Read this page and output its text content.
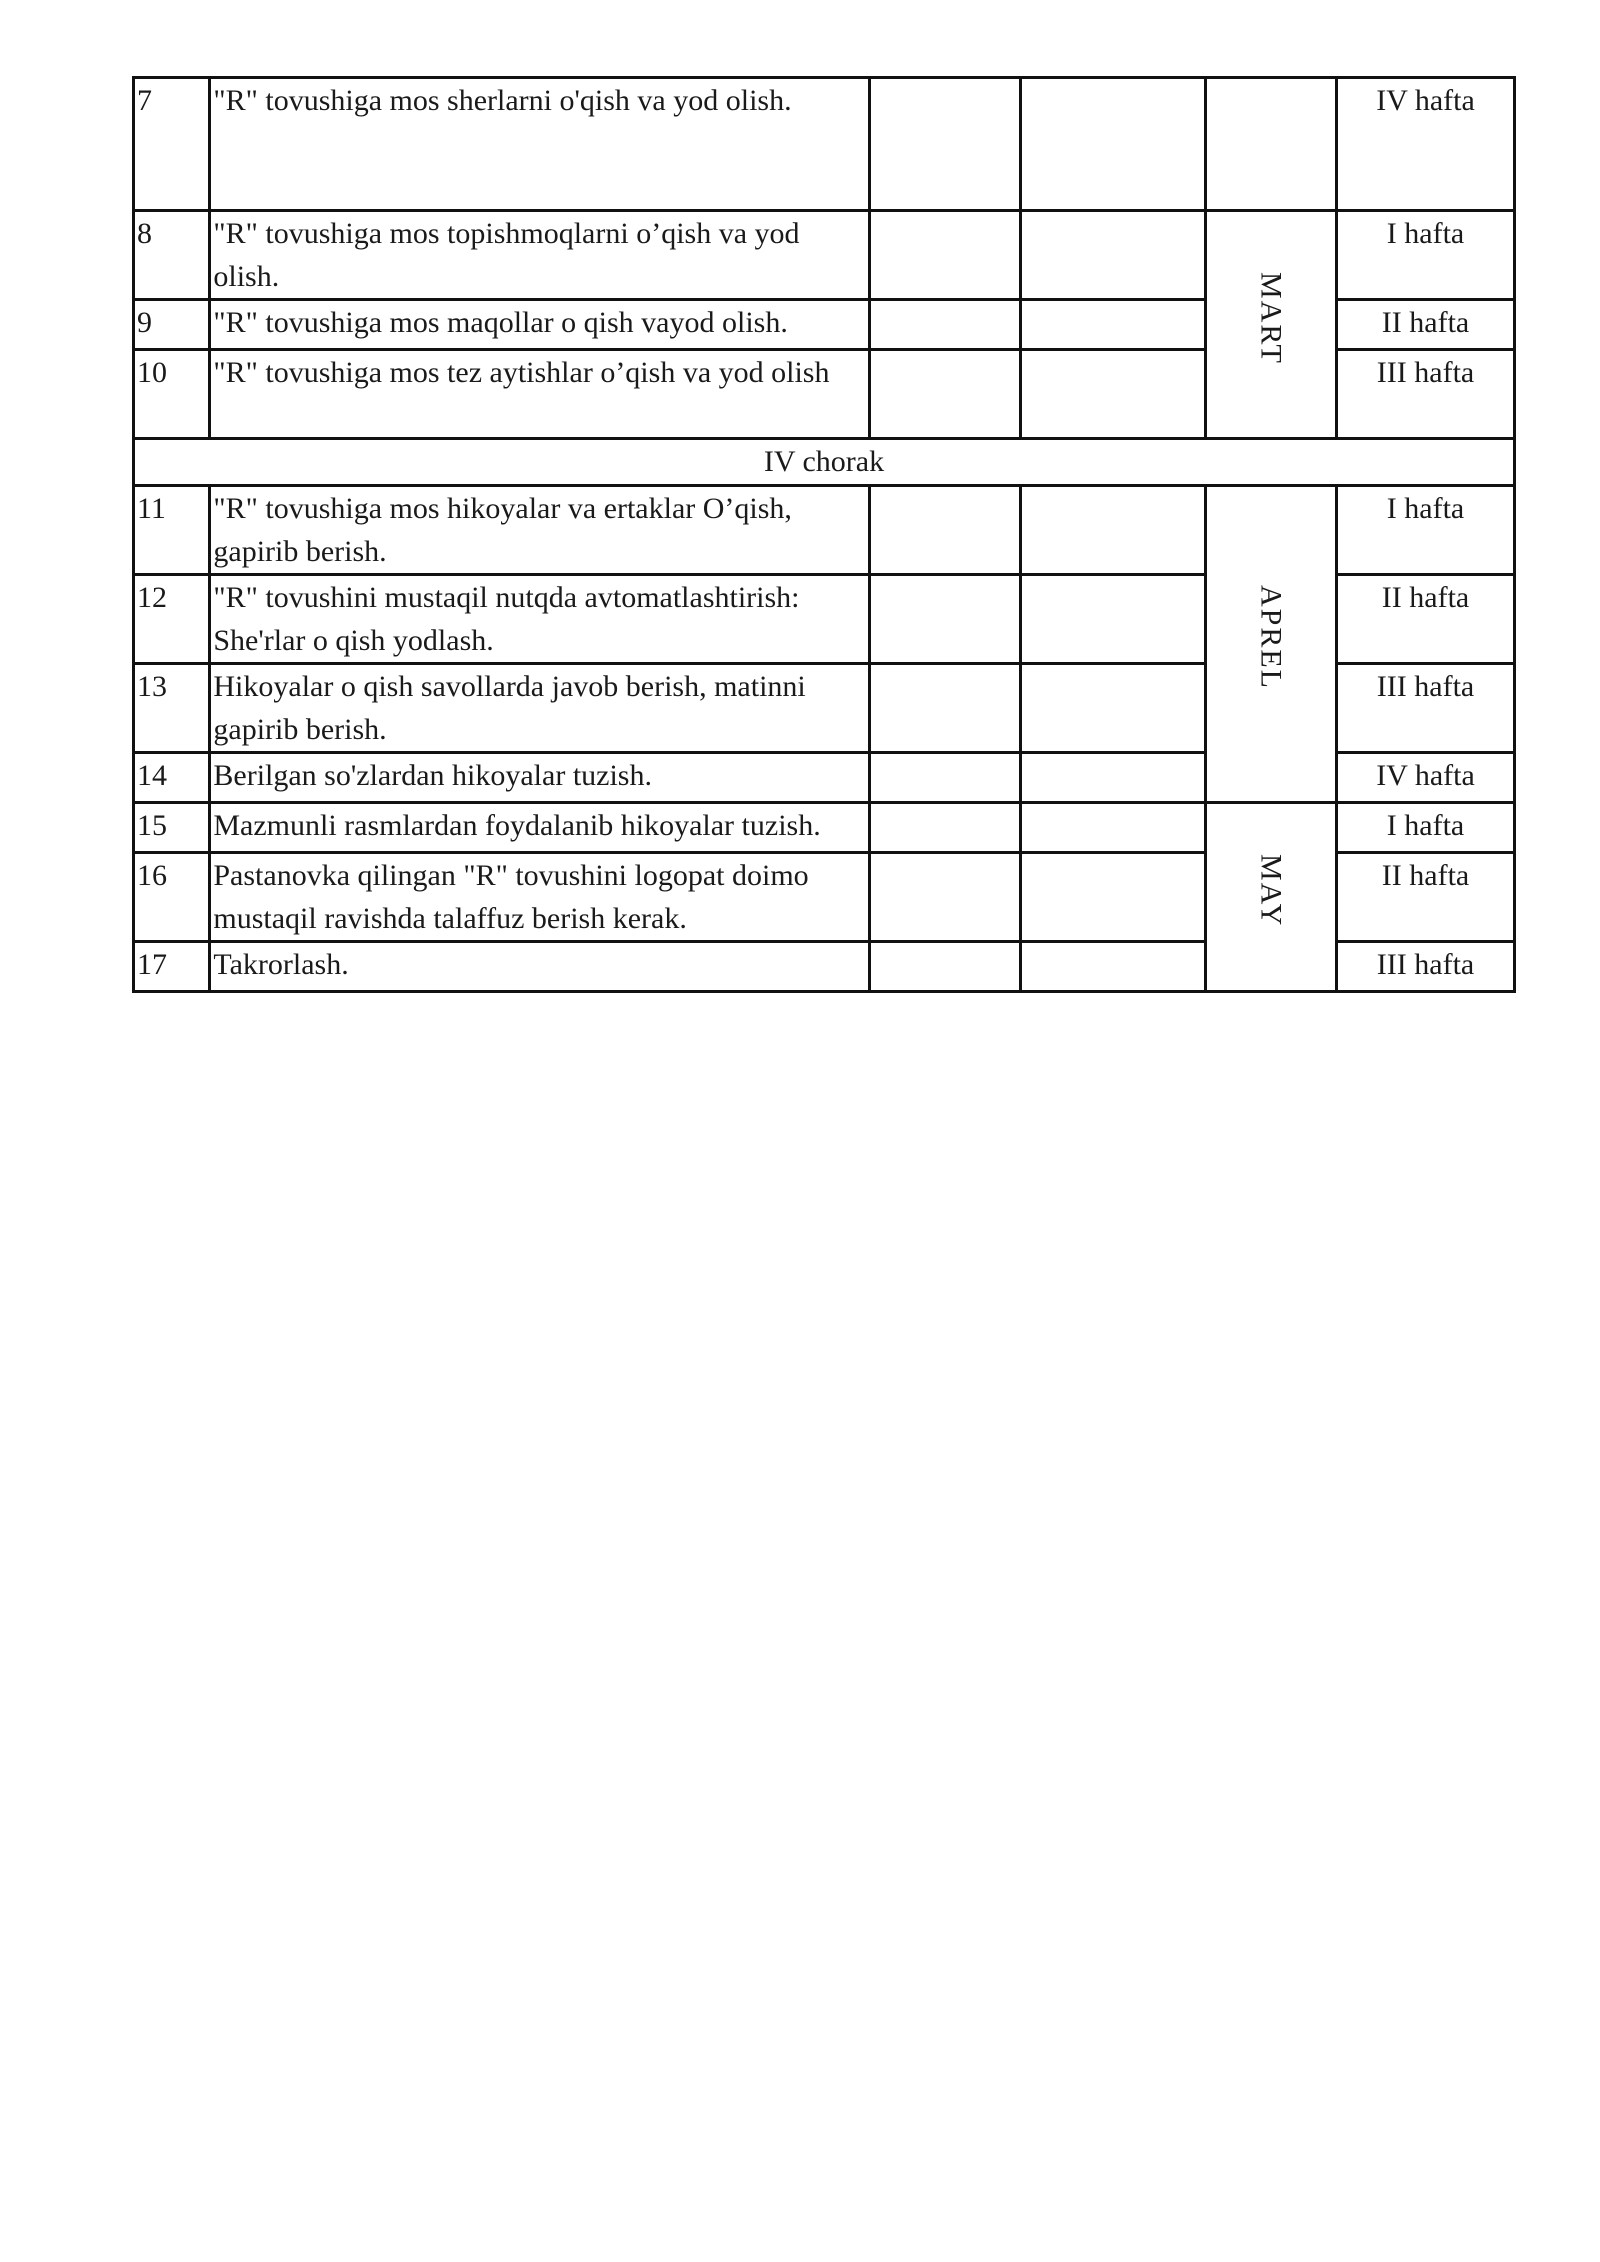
7	"R" tovushiga mos sherlarni o'qish va yod olish.				IV hafta
8	"R" tovushiga mos topishmoqlarni o’qish va yod olish.			MART	I hafta
9	"R" tovushiga mos maqollar o qish vayod olish.				II hafta
10	"R" tovushiga mos tez aytishlar o’qish va yod olish				III hafta
IV chorak					
11	"R" tovushiga mos hikoyalar va ertaklar O’qish, gapirib berish.			APREL	I hafta
12	"R" tovushini mustaqil nutqda avtomatlashtirish: She'rlar o qish yodlash.				II hafta
13	Hikoyalar o qish savollarda javob berish, matinni gapirib berish.				III hafta
14	Berilgan so'zlardan hikoyalar tuzish.				IV hafta
15	Mazmunli rasmlardan foydalanib hikoyalar tuzish.			MAY	I hafta
16	Pastanovka qilingan "R" tovushini logopat doimo mustaqil ravishda talaffuz berish kerak.				II hafta
17	Takrorlash.				III hafta
